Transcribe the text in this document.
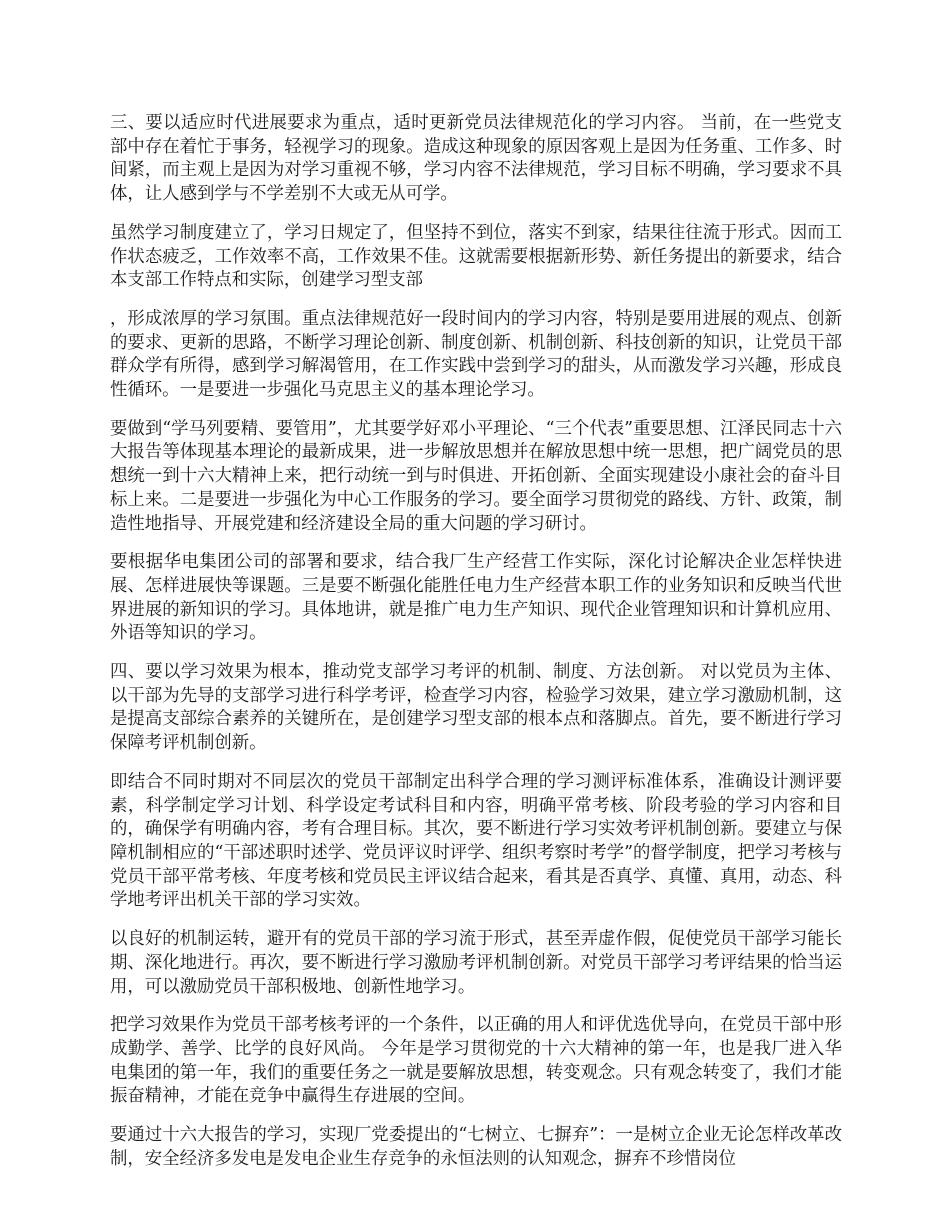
三、要以适应时代进展要求为重点，适时更新党员法律规范化的学习内容。 当前，在一些党支部中存在着忙于事务，轻视学习的现象。造成这种现象的原因客观上是因为任务重、工作多、时间紧，而主观上是因为对学习重视不够，学习内容不法律规范，学习目标不明确，学习要求不具体，让人感到学与不学差别不大或无从可学。

虽然学习制度建立了，学习日规定了，但坚持不到位，落实不到家，结果往往流于形式。因而工作状态疲乏，工作效率不高，工作效果不佳。这就需要根据新形势、新任务提出的新要求，结合本支部工作特点和实际，创建学习型支部

，形成浓厚的学习氛围。重点法律规范好一段时间内的学习内容，特别是要用进展的观点、创新的要求、更新的思路，不断学习理论创新、制度创新、机制创新、科技创新的知识，让党员干部群众学有所得，感到学习解渴管用，在工作实践中尝到学习的甜头，从而激发学习兴趣，形成良性循环。一是要进一步强化马克思主义的基本理论学习。

要做到“学马列要精、要管用”，尤其要学好邓小平理论、“三个代表”重要思想、江泽民同志十六大报告等体现基本理论的最新成果，进一步解放思想并在解放思想中统一思想，把广阔党员的思想统一到十六大精神上来，把行动统一到与时俱进、开拓创新、全面实现建设小康社会的奋斗目标上来。二是要进一步强化为中心工作服务的学习。要全面学习贯彻党的路线、方针、政策，制造性地指导、开展党建和经济建设全局的重大问题的学习研讨。

要根据华电集团公司的部署和要求，结合我厂生产经营工作实际，深化讨论解决企业怎样快进展、怎样进展快等课题。三是要不断强化能胜任电力生产经营本职工作的业务知识和反映当代世界进展的新知识的学习。具体地讲，就是推广电力生产知识、现代企业管理知识和计算机应用、外语等知识的学习。

四、要以学习效果为根本，推动党支部学习考评的机制、制度、方法创新。 对以党员为主体、以干部为先导的支部学习进行科学考评，检查学习内容，检验学习效果，建立学习激励机制，这是提高支部综合素养的关键所在，是创建学习型支部的根本点和落脚点。首先，要不断进行学习保障考评机制创新。

即结合不同时期对不同层次的党员干部制定出科学合理的学习测评标准体系，准确设计测评要素，科学制定学习计划、科学设定考试科目和内容，明确平常考核、阶段考验的学习内容和目的，确保学有明确内容，考有合理目标。其次，要不断进行学习实效考评机制创新。要建立与保障机制相应的“干部述职时述学、党员评议时评学、组织考察时考学”的督学制度，把学习考核与党员干部平常考核、年度考核和党员民主评议结合起来，看其是否真学、真懂、真用，动态、科学地考评出机关干部的学习实效。

以良好的机制运转，避开有的党员干部的学习流于形式，甚至弄虚作假，促使党员干部学习能长期、深化地进行。再次，要不断进行学习激励考评机制创新。对党员干部学习考评结果的恰当运用，可以激励党员干部积极地、创新性地学习。

把学习效果作为党员干部考核考评的一个条件，以正确的用人和评优选优导向，在党员干部中形成勤学、善学、比学的良好风尚。 今年是学习贯彻党的十六大精神的第一年，也是我厂进入华电集团的第一年，我们的重要任务之一就是要解放思想，转变观念。只有观念转变了，我们才能振奋精神，才能在竞争中赢得生存进展的空间。

要通过十六大报告的学习，实现厂党委提出的“七树立、七摒弃”：一是树立企业无论怎样改革改制，安全经济多发电是发电企业生存竞争的永恒法则的认知观念，摒弃不珍惜岗位
